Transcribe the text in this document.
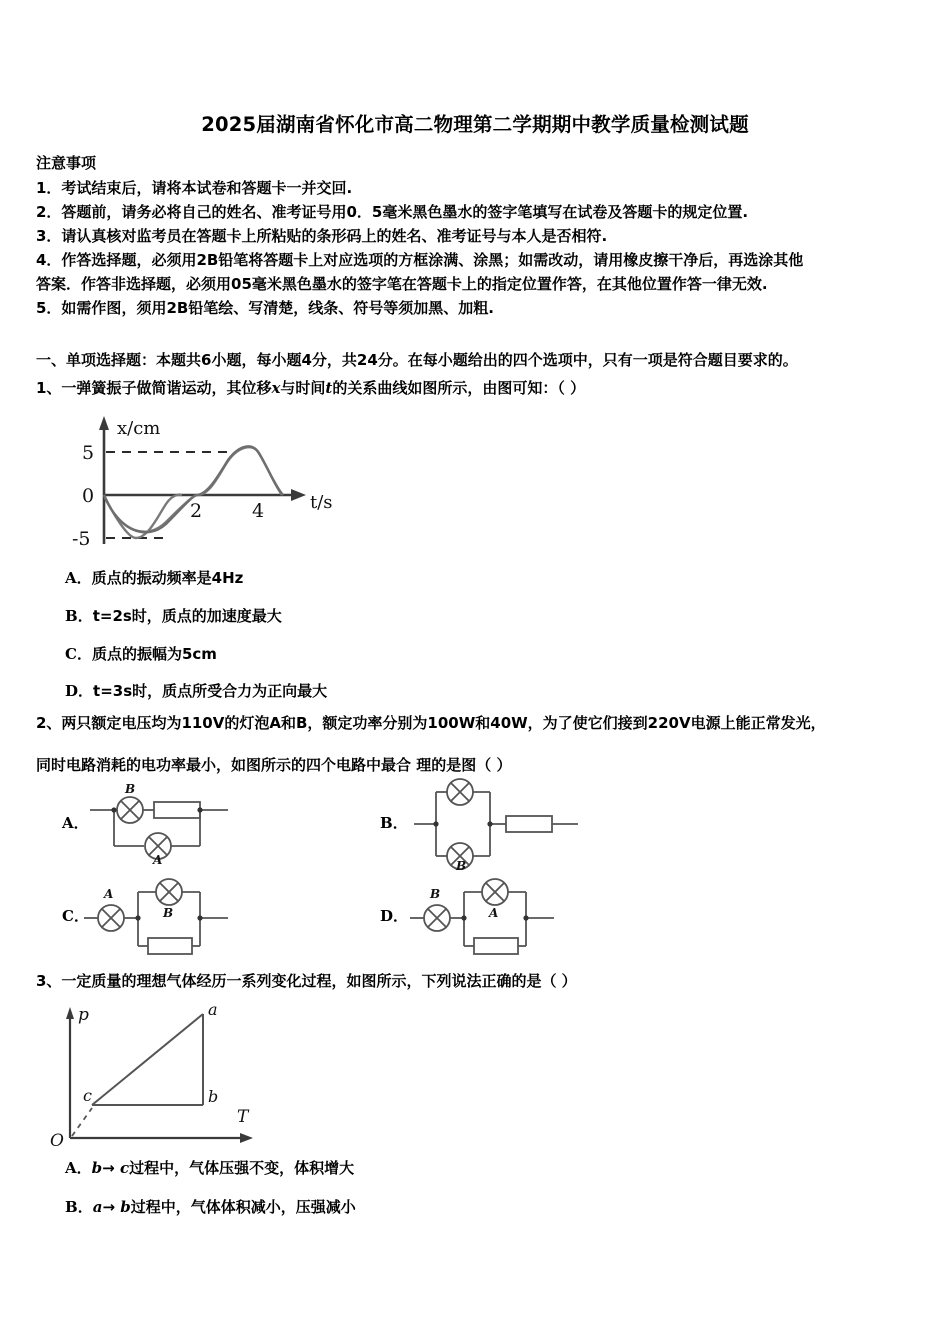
2025届湖南省怀化市高二物理第二学期期中教学质量检测试题
注意事项
1．考试结束后，请将本试卷和答题卡一并交回.
2．答题前，请务必将自己的姓名、准考证号用0．5毫米黑色墨水的签字笔填写在试卷及答题卡的规定位置.
3．请认真核对监考员在答题卡上所粘贴的条形码上的姓名、准考证号与本人是否相符.
4．作答选择题，必须用2B铅笔将答题卡上对应选项的方框涂满、涂黑；如需改动，请用橡皮擦干净后，再选涂其他
答案．作答非选择题，必须用05毫米黑色墨水的签字笔在答题卡上的指定位置作答，在其他位置作答一律无效.
5．如需作图，须用2B铅笔绘、写清楚，线条、符号等须加黑、加粗.
一、单项选择题：本题共6小题，每小题4分，共24分。在每小题给出的四个选项中，只有一项是符合题目要求的。
1、一弹簧振子做简谐运动，其位移x与时间t的关系曲线如图所示，由图可知：（ ）
5
0
-5
2	4
x/cm
t/s
A．质点的振动频率是4Hz
B．t=2s时，质点的加速度最大
C．质点的振幅为5cm
D．t=3s时，质点所受合力为正向最大
2、两只额定电压均为110V的灯泡A和B，额定功率分别为100W和40W，为了使它们接到220V电源上能正常发光，
同时电路消耗的电功率最小，如图所示的四个电路中最合 理的是图（ ）
A．	B．
C．	D．
B
A	B
A
B
B
A
3、一定质量的理想气体经历一系列变化过程，如图所示，下列说法正确的是（ ）
p
T
O
c
a
b
A．b→ c过程中，气体压强不变，体积增大
B．a→ b过程中，气体体积减小，压强减小
